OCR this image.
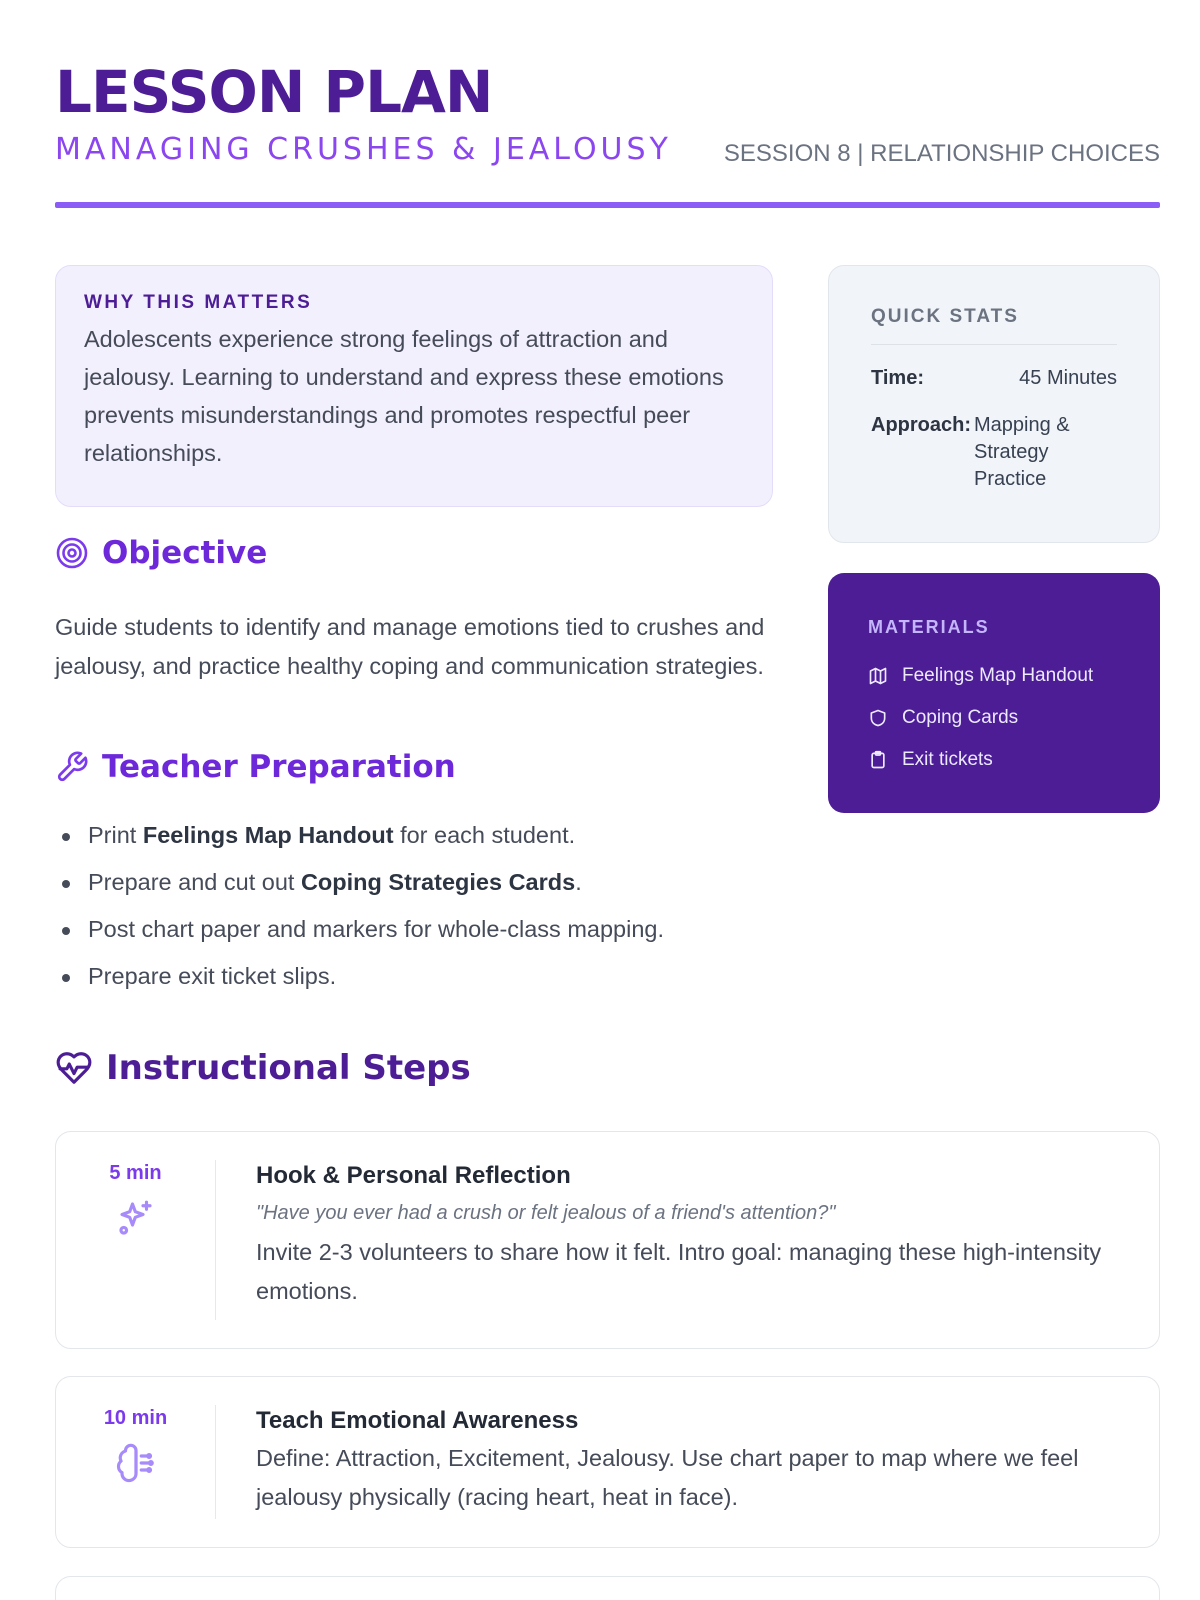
LESSON PLAN
MANAGING CRUSHES & JEALOUSY SESSION 8 | RELATIONSHIP CHOICES
WHY THIS MATTERS
Adolescents experience strong feelings of attraction and jealousy. Learning to understand and express these emotions prevents misunderstandings and promotes respectful peer relationships.
QUICK STATS
Time:	45 Minutes
Approach: Mapping & Strategy Practice
MATERIALS
Feelings Map Handout
Coping Cards
Exit tickets
Objective
Guide students to identify and manage emotions tied to crushes and jealousy, and practice healthy coping and communication strategies.
Teacher Preparation
Print Feelings Map Handout for each student.
Prepare and cut out Coping Strategies Cards.
Post chart paper and markers for whole-class mapping.
Prepare exit ticket slips.
Instructional Steps
5 min	Hook & Personal Reflection
"Have you ever had a crush or felt jealous of a friend's attention?"
Invite 2-3 volunteers to share how it felt. Intro goal: managing these high-intensity emotions.
10 min	Teach Emotional Awareness
Define: Attraction, Excitement, Jealousy. Use chart paper to map where we feel jealousy physically (racing heart, heat in face).
